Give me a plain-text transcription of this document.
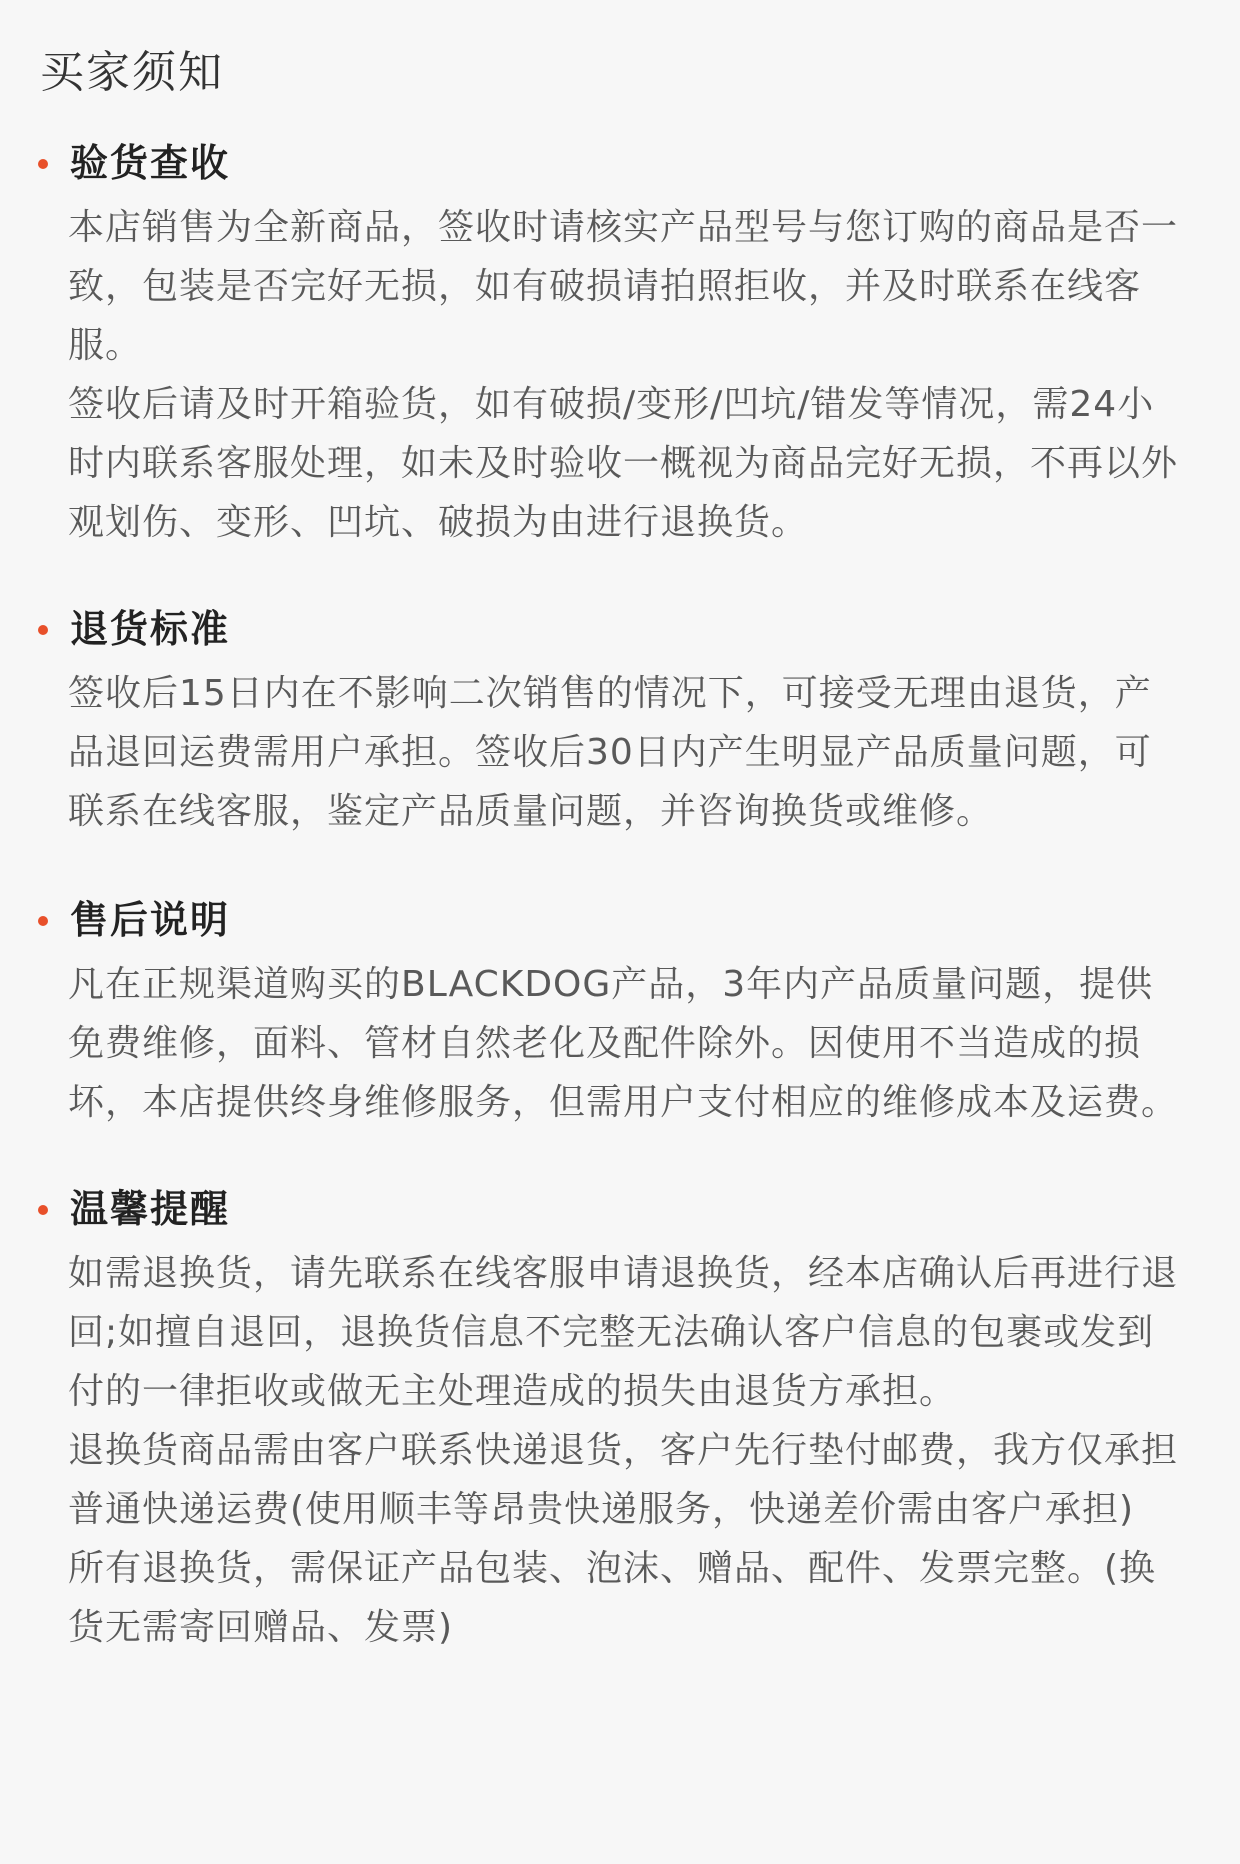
买家须知
验货查收

本店销售为全新商品，签收时请核实产品型号与您订购的商品是否一致，包装是否完好无损，如有破损请拍照拒收，并及时联系在线客服。

签收后请及时开箱验货，如有破损/变形/凹坑/错发等情况，需24小时内联系客服处理，如未及时验收一概视为商品完好无损，不再以外观划伤、变形、凹坑、破损为由进行退换货。

退货标准

签收后15日内在不影响二次销售的情况下，可接受无理由退货，产品退回运费需用户承担。签收后30日内产生明显产品质量问题，可联系在线客服，鉴定产品质量问题，并咨询换货或维修。

售后说明

凡在正规渠道购买的BLACKDOG产品，3年内产品质量问题，提供免费维修，面料、管材自然老化及配件除外。因使用不当造成的损坏，本店提供终身维修服务，但需用户支付相应的维修成本及运费。

温馨提醒

如需退换货，请先联系在线客服申请退换货，经本店确认后再进行退回;如擅自退回，退换货信息不完整无法确认客户信息的包裹或发到付的一律拒收或做无主处理造成的损失由退货方承担。

退换货商品需由客户联系快递退货，客户先行垫付邮费，我方仅承担普通快递运费(使用顺丰等昂贵快递服务，快递差价需由客户承担)

所有退换货，需保证产品包装、泡沫、赠品、配件、发票完整。(换货无需寄回赠品、发票)
